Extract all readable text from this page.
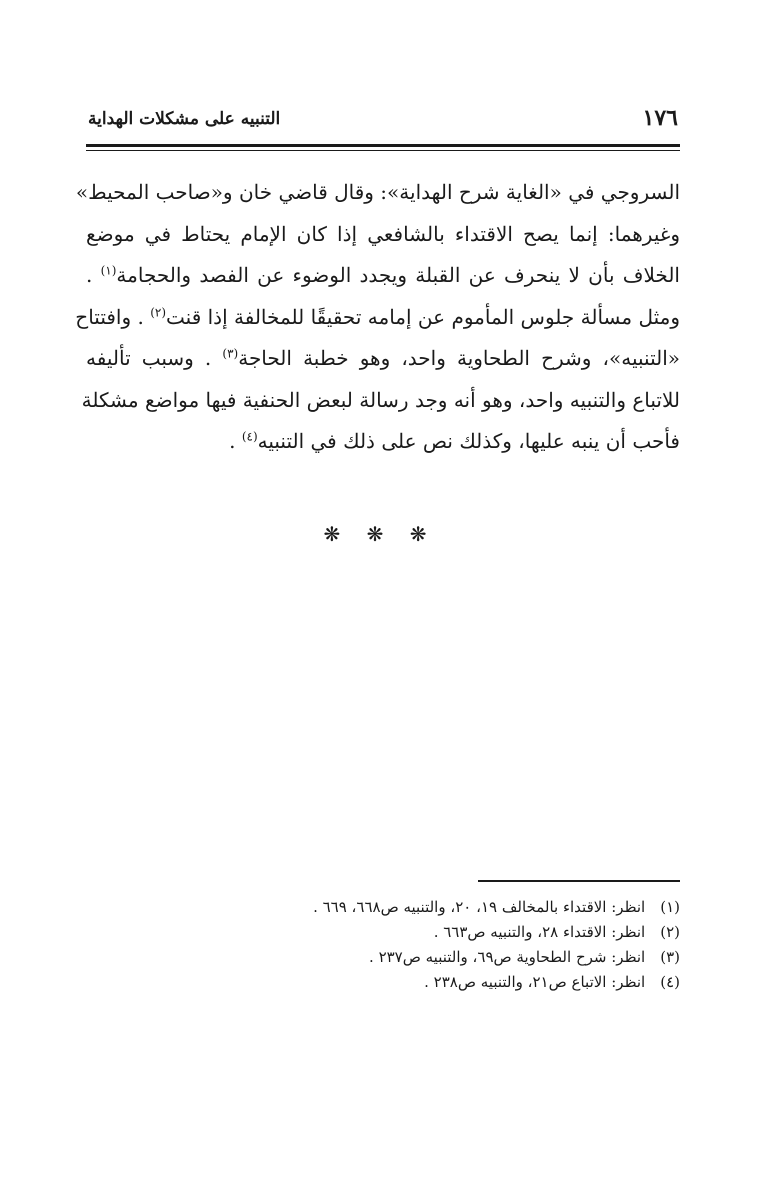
التنبيه على مشكلات الهداية	١٧٦
السروجي في «الغاية شرح الهداية»: وقال قاضي خان و«صاحب المحيط»
وغيرهما: إنما يصح الاقتداء بالشافعي إذا كان الإمام يحتاط في موضع
الخلاف بأن لا ينحرف عن القبلة ويجدد الوضوء عن الفصد والحجامة$^{(١)}$ .
ومثل مسألة جلوس المأموم عن إمامه تحقيقًا للمخالفة إذا قنت$^{(٢)}$ . وافتتاح
«التنبيه»، وشرح الطحاوية واحد، وهو خطبة الحاجة$^{(٣)}$ . وسبب تأليفه
للاتباع والتنبيه واحد، وهو أنه وجد رسالة لبعض الحنفية فيها مواضع مشكلة
فأحب أن ينبه عليها، وكذلك نص على ذلك في التنبيه$^{(٤)}$ .
❋ ❋ ❋
(١) انظر: الاقتداء بالمخالف ١٩، ٢٠، والتنبيه ص٦٦٨، ٦٦٩ .
(٢) انظر: الاقتداء ٢٨، والتنبيه ص٦٦٣ .
(٣) انظر: شرح الطحاوية ص٦٩، والتنبيه ص٢٣٧ .
(٤) انظر: الاتباع ص٢١، والتنبيه ص٢٣٨ .
